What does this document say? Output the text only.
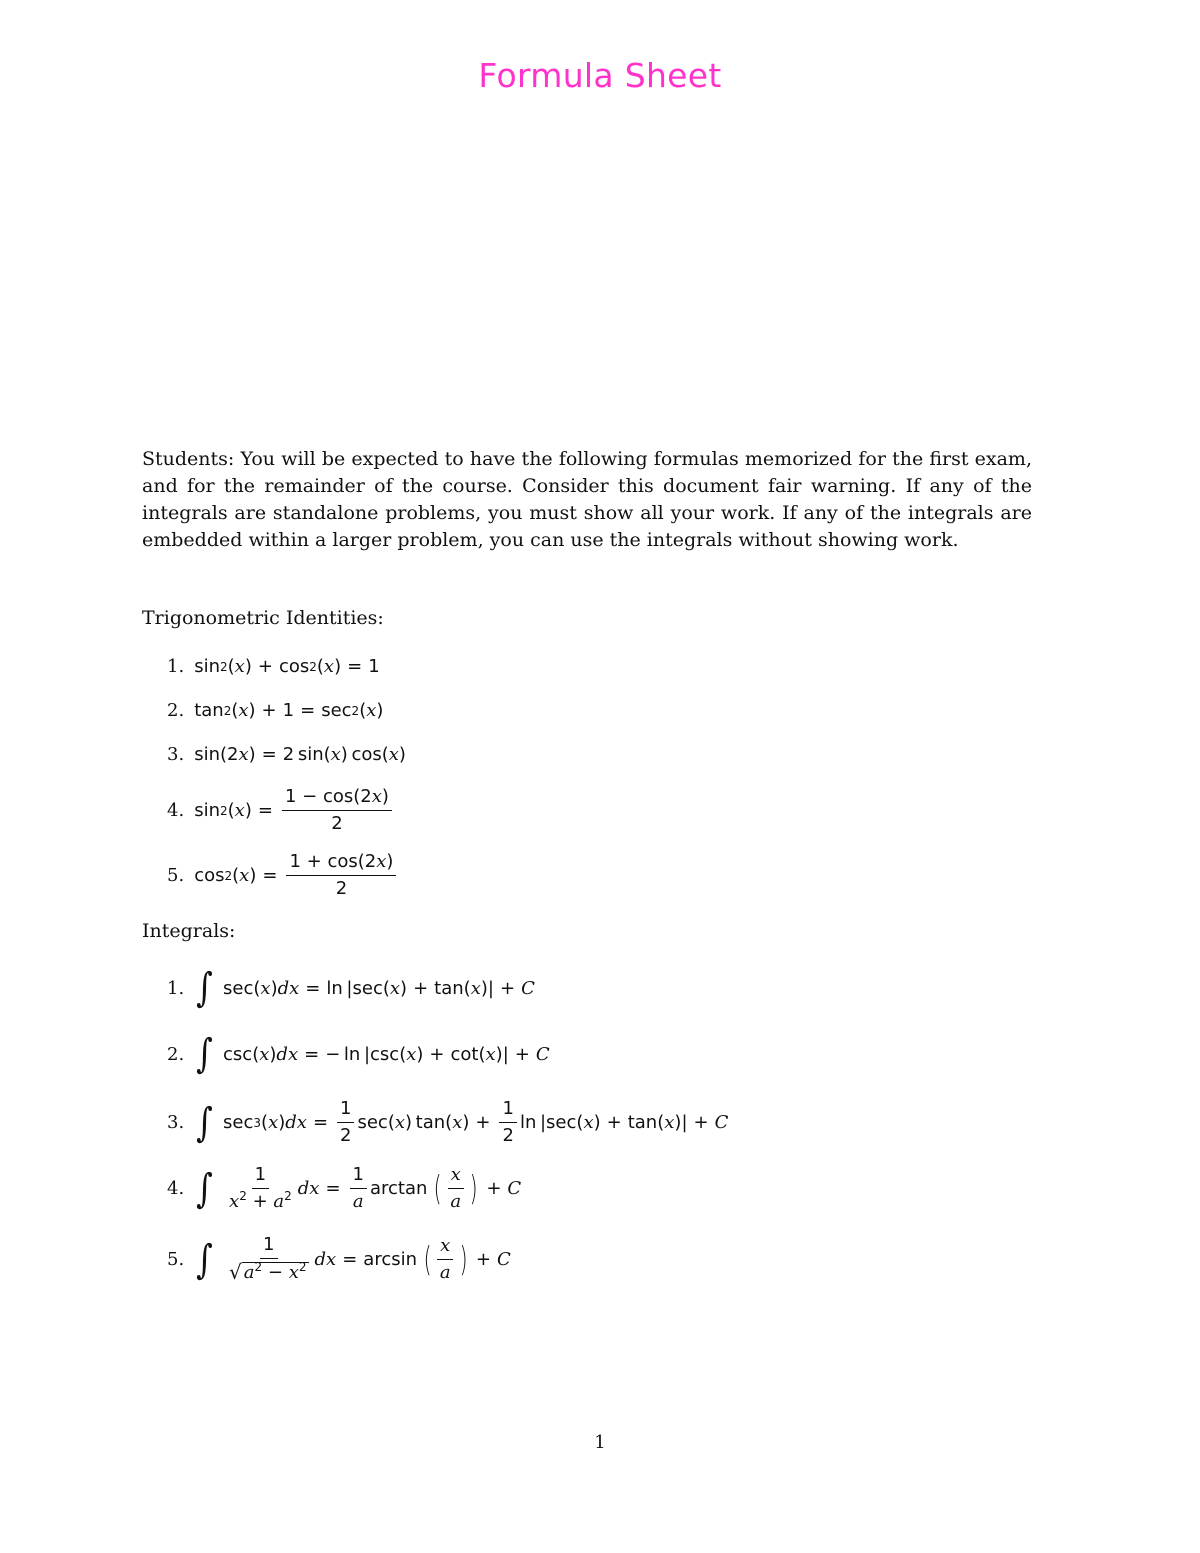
Formula Sheet
Students: You will be expected to have the following formulas memorized for the first exam, and for the remainder of the course. Consider this document fair warning. If any of the integrals are standalone problems, you must show all your work. If any of the integrals are embedded within a larger problem, you can use the integrals without showing work.
Trigonometric Identities:
1. sin 2 ( x ) + cos 2 ( x ) = 1
2. tan 2 ( x ) + 1 = sec 2 ( x )
3. sin ( 2 x ) = 2
  sin ( x )
  cos ( x )
4. sin 2 ( x ) = $\frac{1 - \cos(2x)}{2}$
5. cos 2 ( x ) = $\frac{1 + \cos(2x)}{2}$
Integrals:
1. ∫ sec ( x ) dx = ln
  | sec ( x ) + tan ( x ) | + C
2. ∫ csc ( x ) dx = −
  ln
  | csc ( x ) + cot ( x ) | + C
3. ∫ sec 3 ( x ) dx = $\frac{1}{2}$ sec ( x )
  tan ( x ) + $\frac{1}{2}$ ln
  | sec ( x ) + tan ( x ) | + C
4. ∫ $\frac{1}{x^2 + a^2}$ dx = $\frac{1}{a}$ arctan
  ( $\frac{x}{a}$ ) + C
5. ∫ $\frac{1}{√ a^2 - x^2}$ dx = arcsin
  ( $\frac{x}{a}$ ) + C
1
